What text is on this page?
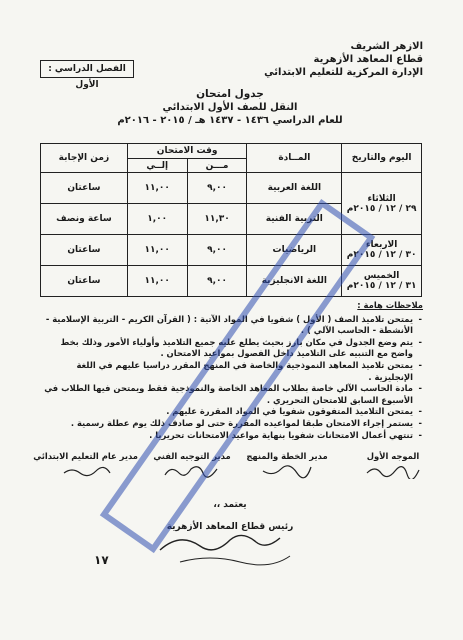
الازهر الشريف
قطاع المعاهد الأزهرية
الإدارة المركزية للتعليم الابتدائي
الفصل الدراسي : الأول
جدول امتحان
النقل للصف الأول الابتدائي
للعام الدراسي ١٤٣٦ - ١٤٣٧ هـ / ٢٠١٥ - ٢٠١٦م
اليوم والتاريخ	المــادة	وقت الامتحان		زمن الإجابة
		مـــن	إلــي	

الثلاثاء
٢٩ / ١٢ / ٢٠١٥م	اللغة العربية	٩,٠٠	١١,٠٠	ساعتان
	التربية الفنية	١١,٣٠	١,٠٠	ساعة ونصف

الاربعاء
٣٠ / ١٢ / ٢٠١٥م	الرياضيات	٩,٠٠	١١,٠٠	ساعتان

الخميس
٣١ / ١٢ / ٢٠١٥م	اللغة الانجليزية	٩,٠٠	١١,٠٠	ساعتان
ملاحظات هامة :
- يمتحن تلاميذ الصف ( الأول ) شفويا في المواد الآتية : ( القرآن الكريم - التربية الإسلامية - الأنشطة - الحاسب الآلي ) .
- يتم وضع الجدول في مكان بارز بحيث يطلع عليه جميع التلاميذ وأولياء الأمور وذلك بخط واضح مع التنبيه على التلاميذ داخل الفصول بمواعيد الامتحان .
- يمتحن تلاميذ المعاهد النموذجية والخاصة في المنهج المقرر دراسيا عليهم في اللغة الإنجليزية .
- مادة الحاسب الآلي خاصة بطلاب المعاهد الخاصة والنموذجية فقط ويمتحن فيها الطلاب في الأسبوع السابق للامتحان التحريري .
- يمتحن التلاميذ المتفوقون شفويا في المواد المقررة عليهم .
- يستمر إجراء الامتحان طبقا لمواعيده المقررة حتى لو صادف ذلك يوم عطلة رسمية .
- تنتهي أعمال الامتحانات شفويا بنهاية مواعيد الامتحانات تحريريا .
الموجه الأول
مدير الخطة والمنهج
مدير التوجيه الفني
مدير عام التعليم الابتدائي
يعتمد ،،
رئيس قطاع المعاهد الأزهرية
١٧
